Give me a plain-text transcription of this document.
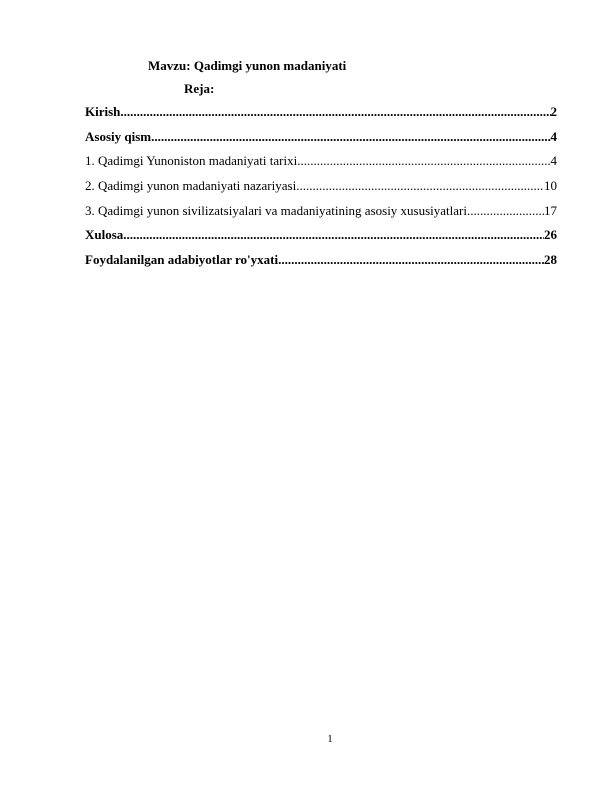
Mavzu: Qadimgi yunon madaniyati
Reja:
Kirish .....	2
Asosiy qism .....	4
1. Qadimgi Yunoniston madaniyati tarixi .....	4
2. Qadimgi yunon madaniyati nazariyasi .....	10
3. Qadimgi yunon sivilizatsiyalari va madaniyatining asosiy xususiyatlari .....	17
Xulosa .....	26
Foydalanilgan adabiyotlar ro'yxati .....	28
1
